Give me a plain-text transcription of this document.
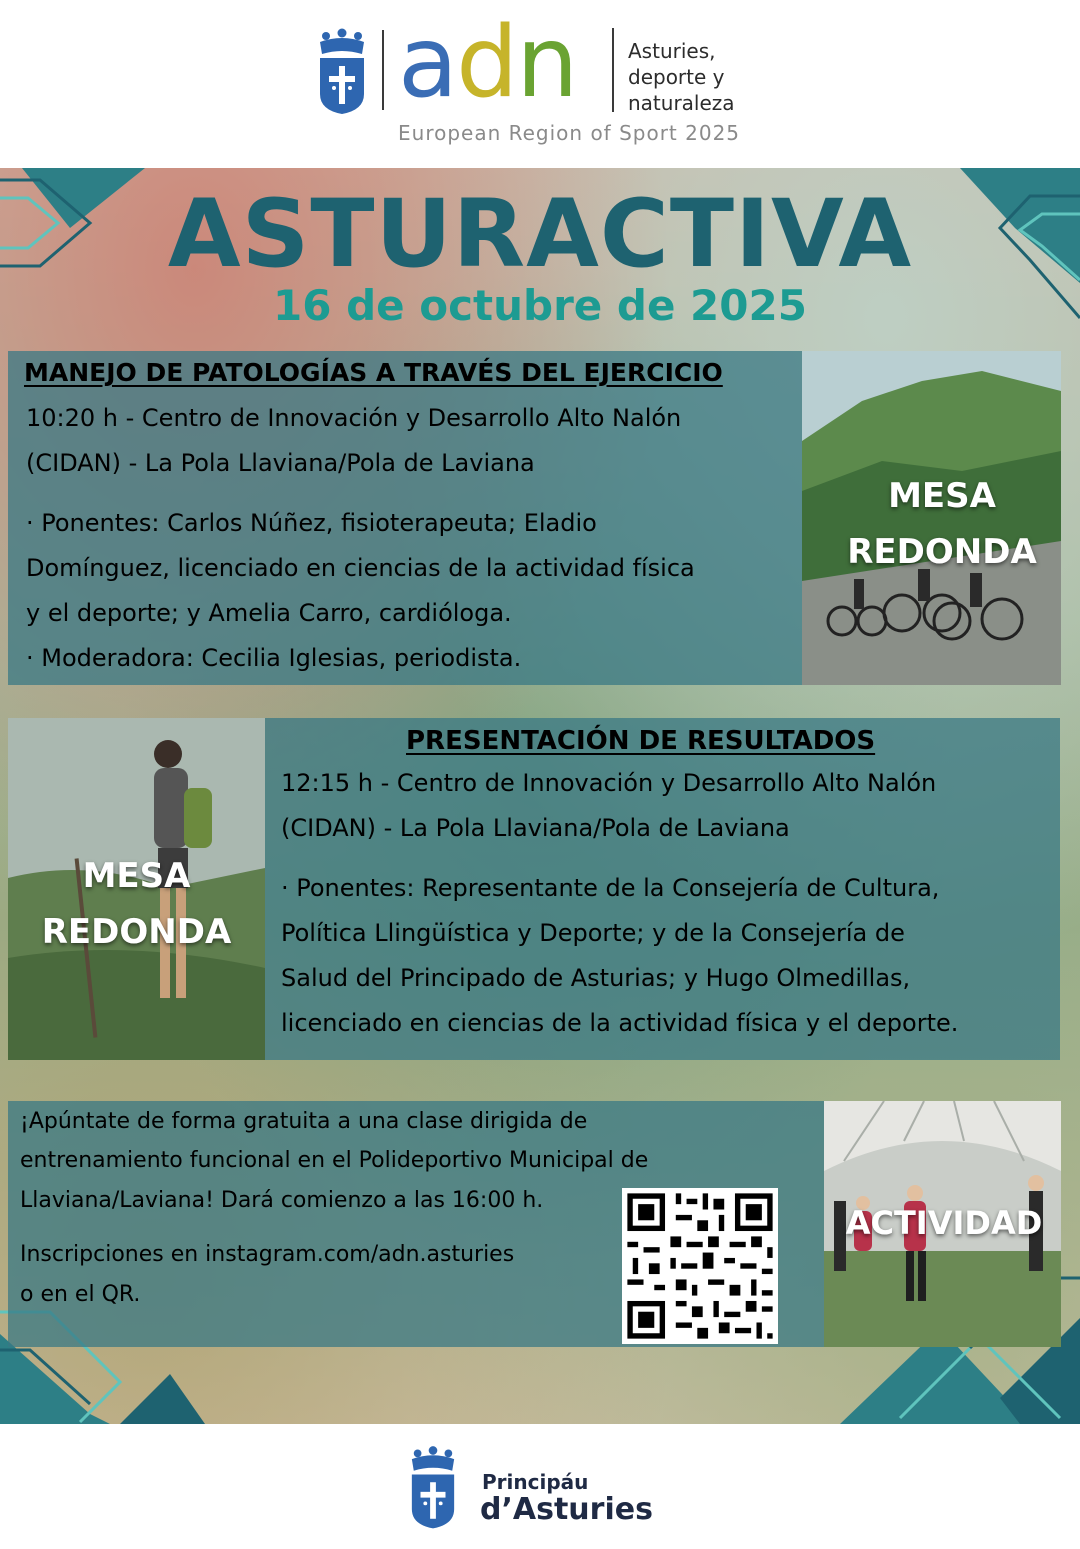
adn	Asturies,
deporte y
naturaleza
European Region of Sport 2025
ASTURACTIVA
16 de octubre de 2025
MANEJO DE PATOLOGÍAS A TRAVÉS DEL EJERCICIO
10:20 h - Centro de Innovación y Desarrollo Alto Nalón
(CIDAN) - La Pola Llaviana/Pola de Laviana
· Ponentes: Carlos Núñez, fisioterapeuta; Eladio
Domínguez, licenciado en ciencias de la actividad física
y el deporte; y Amelia Carro, cardióloga.
· Moderadora: Cecilia Iglesias, periodista.
MESA
REDONDA
MESA
REDONDA
PRESENTACIÓN DE RESULTADOS
12:15 h - Centro de Innovación y Desarrollo Alto Nalón
(CIDAN) - La Pola Llaviana/Pola de Laviana
· Ponentes: Representante de la Consejería de Cultura,
Política Llingüística y Deporte; y de la Consejería de
Salud del Principado de Asturias; y Hugo Olmedillas,
licenciado en ciencias de la actividad física y el deporte.
¡Apúntate de forma gratuita a una clase dirigida de
entrenamiento funcional en el Polideportivo Municipal de
Llaviana/Laviana! Dará comienzo a las 16:00 h.
Inscripciones en instagram.com/adn.asturies
o en el QR.
ACTIVIDAD
Principáu
d’Asturies
